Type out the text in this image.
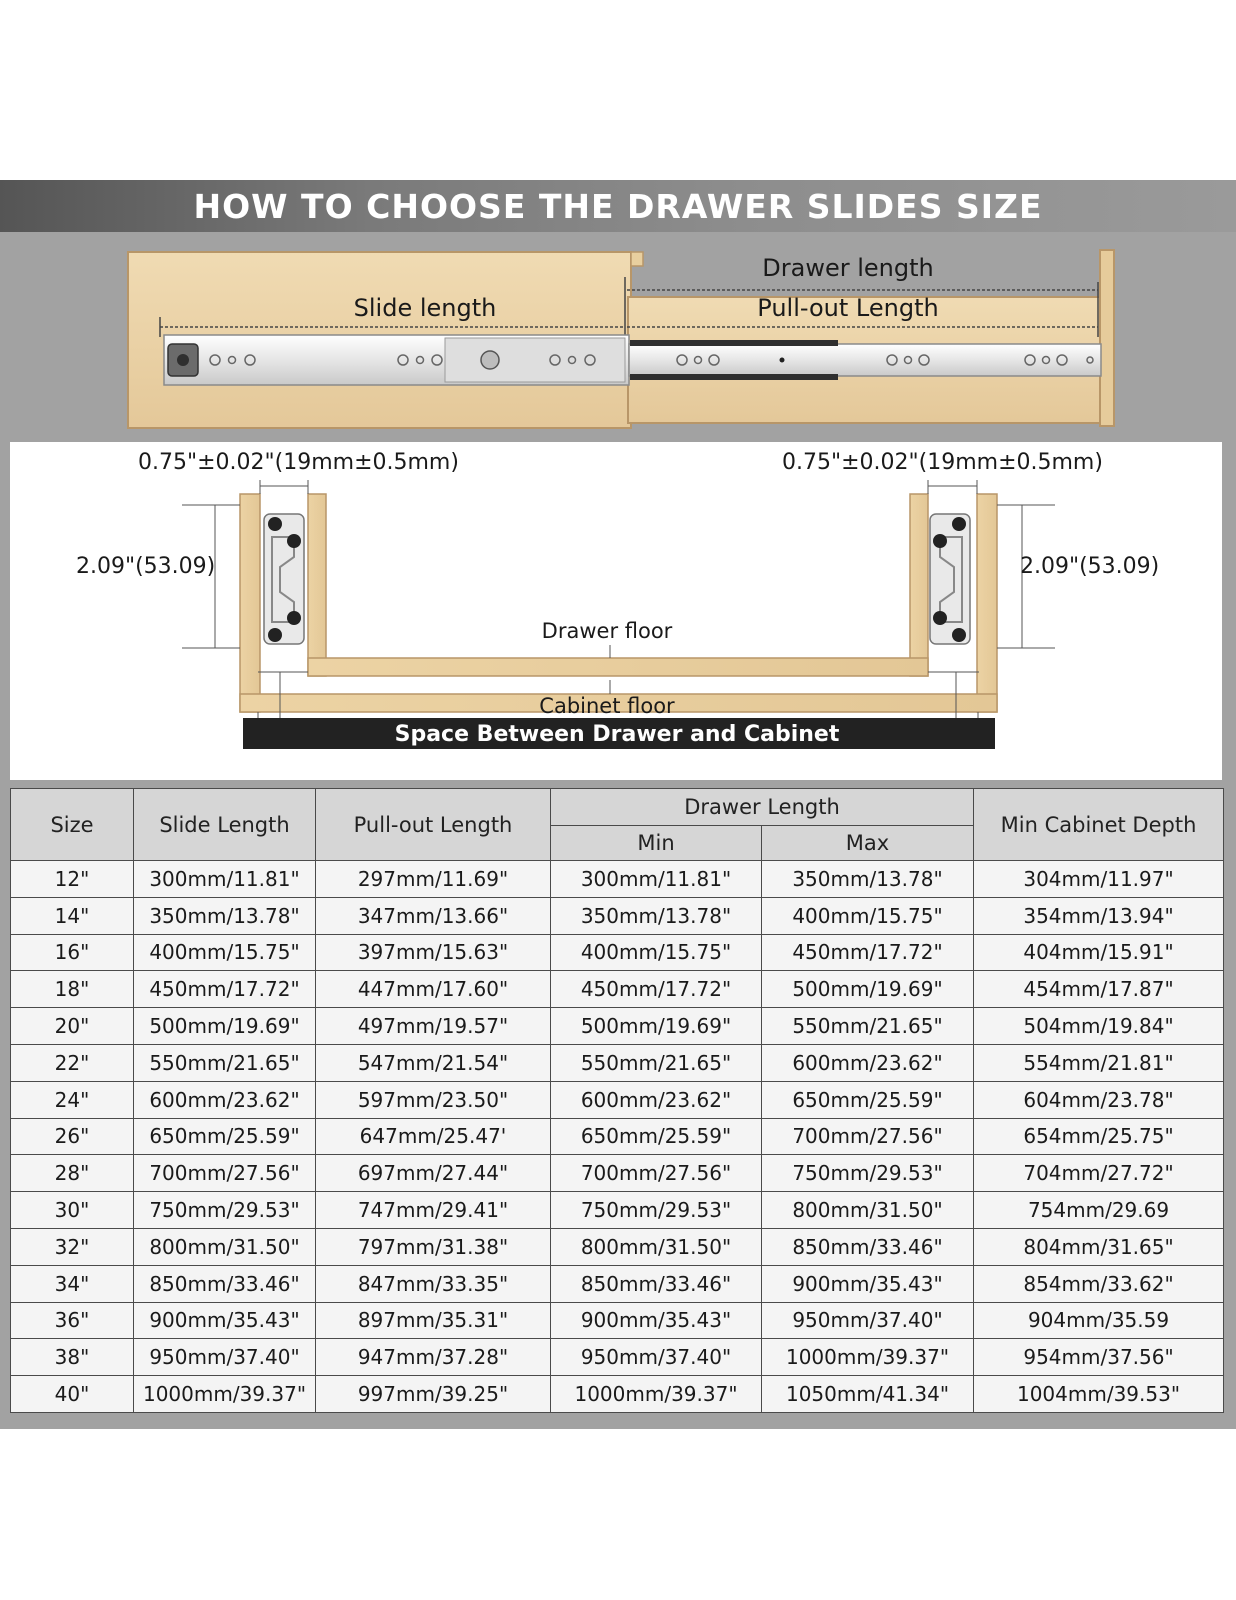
HOW TO CHOOSE THE DRAWER SLIDES SIZE
Slide length
Drawer length
Pull-out Length
0.75"±0.02"(19mm±0.5mm)	0.75"±0.02"(19mm±0.5mm)
2.09"(53.09)	2.09"(53.09)
Drawer floor
Cabinet floor
Space Between Drawer and Cabinet
Size	Slide Length	Pull-out Length	Drawer Length		Min Cabinet Depth
			Min	Max	
12"	300mm/11.81"	297mm/11.69"	300mm/11.81"	350mm/13.78"	304mm/11.97"
14"	350mm/13.78"	347mm/13.66"	350mm/13.78"	400mm/15.75"	354mm/13.94"
16"	400mm/15.75"	397mm/15.63"	400mm/15.75"	450mm/17.72"	404mm/15.91"
18"	450mm/17.72"	447mm/17.60"	450mm/17.72"	500mm/19.69"	454mm/17.87"
20"	500mm/19.69"	497mm/19.57"	500mm/19.69"	550mm/21.65"	504mm/19.84"
22"	550mm/21.65"	547mm/21.54"	550mm/21.65"	600mm/23.62"	554mm/21.81"
24"	600mm/23.62"	597mm/23.50"	600mm/23.62"	650mm/25.59"	604mm/23.78"
26"	650mm/25.59"	647mm/25.47'	650mm/25.59"	700mm/27.56"	654mm/25.75"
28"	700mm/27.56"	697mm/27.44"	700mm/27.56"	750mm/29.53"	704mm/27.72"
30"	750mm/29.53"	747mm/29.41"	750mm/29.53"	800mm/31.50"	754mm/29.69
32"	800mm/31.50"	797mm/31.38"	800mm/31.50"	850mm/33.46"	804mm/31.65"
34"	850mm/33.46"	847mm/33.35"	850mm/33.46"	900mm/35.43"	854mm/33.62"
36"	900mm/35.43"	897mm/35.31"	900mm/35.43"	950mm/37.40"	904mm/35.59
38"	950mm/37.40"	947mm/37.28"	950mm/37.40"	1000mm/39.37"	954mm/37.56"
40"	1000mm/39.37"	997mm/39.25"	1000mm/39.37"	1050mm/41.34"	1004mm/39.53"
